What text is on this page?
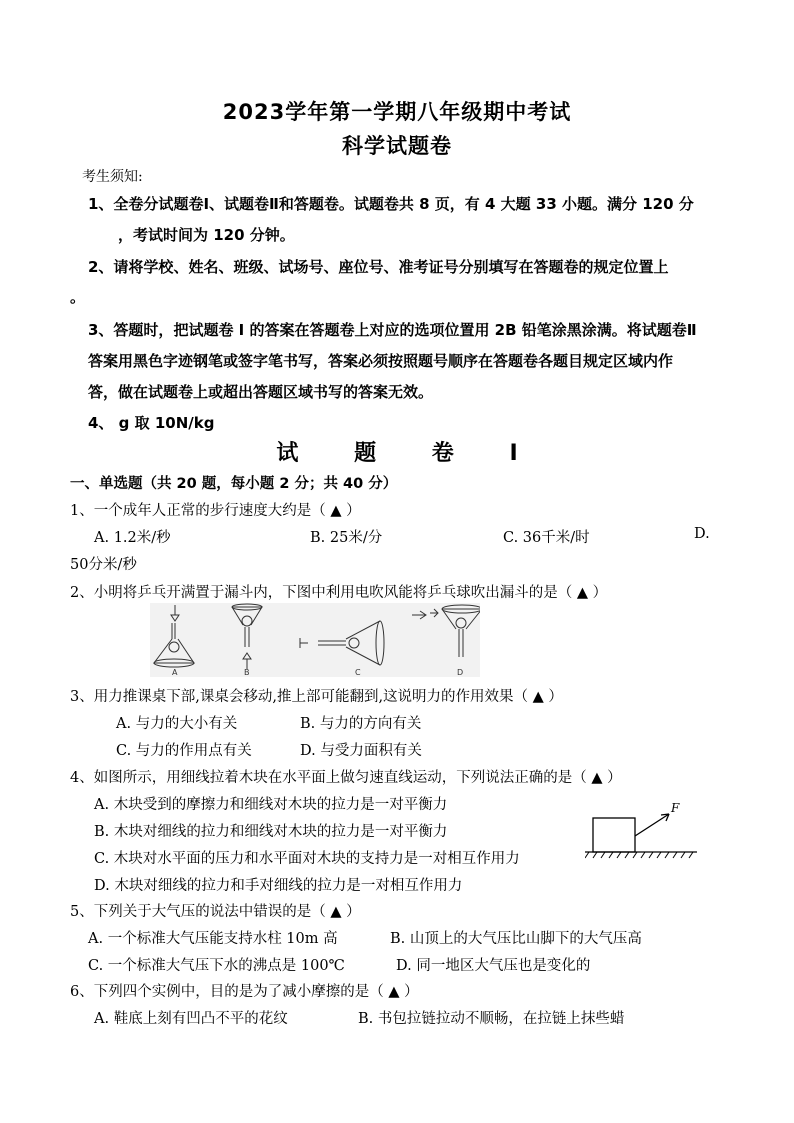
2023学年第一学期八年级期中考试
科学试题卷
考生须知:
1、全卷分试题卷Ⅰ、试题卷Ⅱ和答题卷。试题卷共 8 页，有 4 大题 33 小题。满分 120 分
，考试时间为 120 分钟。
2、请将学校、姓名、班级、试场号、座位号、准考证号分别填写在答题卷的规定位置上
。
3、答题时，把试题卷 Ⅰ 的答案在答题卷上对应的选项位置用 2B 铅笔涂黑涂满。将试题卷Ⅱ
答案用黑色字迹钢笔或签字笔书写，答案必须按照题号顺序在答题卷各题目规定区域内作
答，做在试题卷上或超出答题区域书写的答案无效。
4、 g 取 10N/kg
试	题	卷	I
一、单选题（共 20 题，每小题 2 分；共 40 分）
1、一个成年人正常的步行速度大约是（ ▲ ）
A. 1.2米/秒	B. 25米/分	C. 36千米/时	D.
50分米/秒
2、小明将乒乓开满置于漏斗内，下图中利用电吹风能将乒乓球吹出漏斗的是（ ▲ ）
A	B	C	D
3、用力推课桌下部,课桌会移动,推上部可能翻到,这说明力的作用效果（ ▲ ）
A. 与力的大小有关	B. 与力的方向有关
C. 与力的作用点有关	D. 与受力面积有关
4、如图所示，用细线拉着木块在水平面上做匀速直线运动，下列说法正确的是（ ▲ ）
A. 木块受到的摩擦力和细线对木块的拉力是一对平衡力
B. 木块对细线的拉力和细线对木块的拉力是一对平衡力
C. 木块对水平面的压力和水平面对木块的支持力是一对相互作用力
D. 木块对细线的拉力和手对细线的拉力是一对相互作用力
F
5、下列关于大气压的说法中错误的是（ ▲ ）
A. 一个标准大气压能支持水柱 10m 高	B. 山顶上的大气压比山脚下的大气压高
C. 一个标准大气压下水的沸点是 100℃	D. 同一地区大气压也是变化的
6、下列四个实例中，目的是为了减小摩擦的是（ ▲ ）
A. 鞋底上刻有凹凸不平的花纹	B. 书包拉链拉动不顺畅，在拉链上抹些蜡
